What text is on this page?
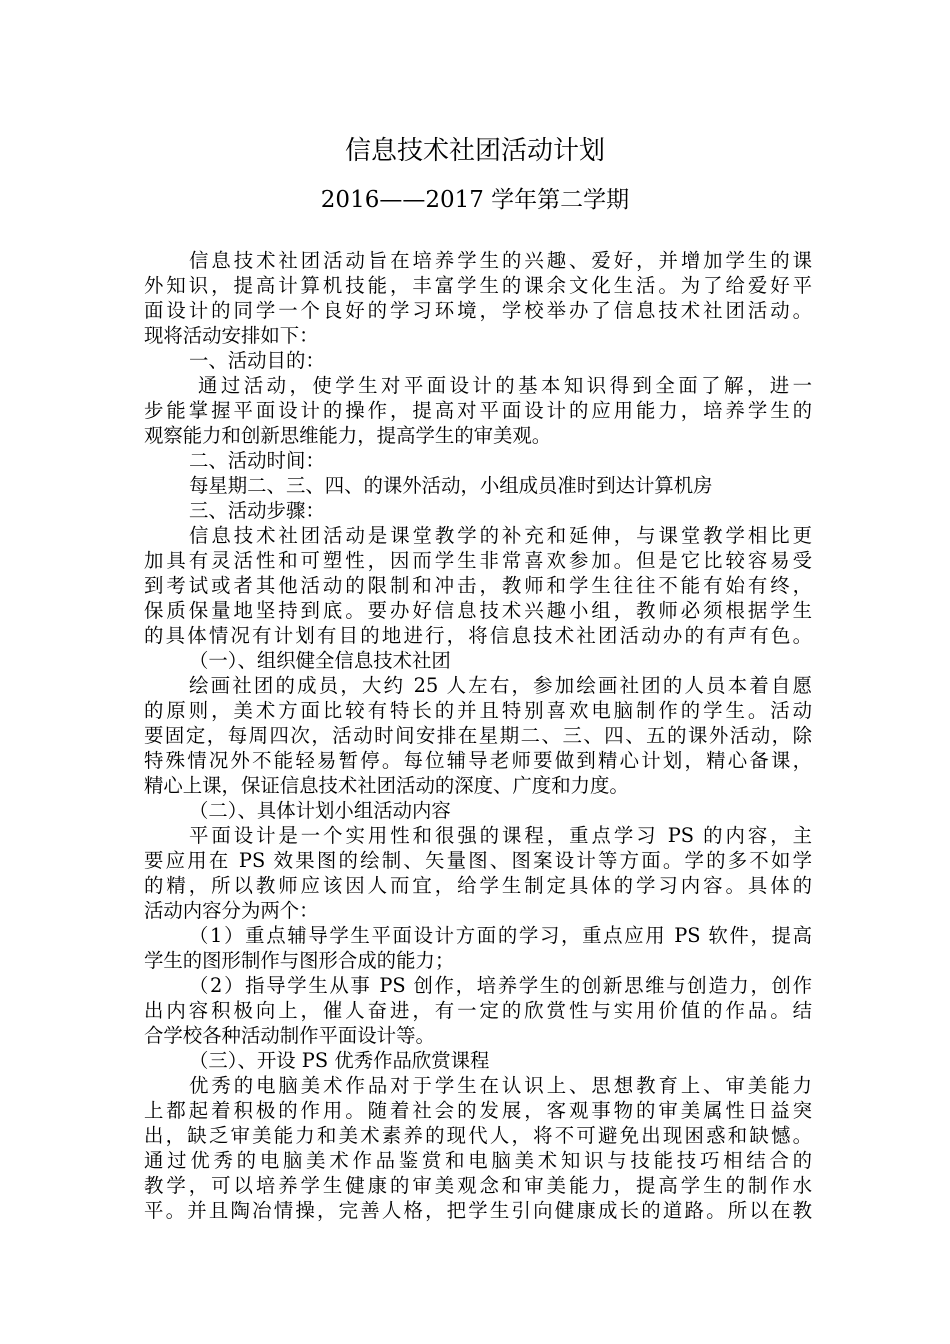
信息技术社团活动计划
2016——2017 学年第二学期
信息技术社团活动旨在培养学生的兴趣、爱好，并增加学生的课
外知识，提高计算机技能，丰富学生的课余文化生活。为了给爱好平
面设计的同学一个良好的学习环境，学校举办了信息技术社团活动。
现将活动安排如下：
一、活动目的：
通过活动，使学生对平面设计的基本知识得到全面了解，进一
步能掌握平面设计的操作，提高对平面设计的应用能力，培养学生的
观察能力和创新思维能力，提高学生的审美观。
二、活动时间：
每星期二、三、四、的课外活动，小组成员准时到达计算机房
三、活动步骤：
信息技术社团活动是课堂教学的补充和延伸，与课堂教学相比更
加具有灵活性和可塑性，因而学生非常喜欢参加。但是它比较容易受
到考试或者其他活动的限制和冲击，教师和学生往往不能有始有终，
保质保量地坚持到底。要办好信息技术兴趣小组，教师必须根据学生
的具体情况有计划有目的地进行，将信息技术社团活动办的有声有色。
（一）、组织健全信息技术社团
绘画社团的成员，大约 25 人左右，参加绘画社团的人员本着自愿
的原则，美术方面比较有特长的并且特别喜欢电脑制作的学生。活动
要固定，每周四次，活动时间安排在星期二、三、四、五的课外活动，除
特殊情况外不能轻易暂停。每位辅导老师要做到精心计划，精心备课，
精心上课，保证信息技术社团活动的深度、广度和力度。
（二）、具体计划小组活动内容
平面设计是一个实用性和很强的课程，重点学习 PS 的内容，主
要应用在 PS 效果图的绘制、矢量图、图案设计等方面。学的多不如学
的精，所以教师应该因人而宜，给学生制定具体的学习内容。具体的
活动内容分为两个：
（1）重点辅导学生平面设计方面的学习，重点应用 PS 软件，提高
学生的图形制作与图形合成的能力；
（2）指导学生从事 PS 创作，培养学生的创新思维与创造力，创作
出内容积极向上，催人奋进，有一定的欣赏性与实用价值的作品。结
合学校各种活动制作平面设计等。
（三）、开设 PS 优秀作品欣赏课程
优秀的电脑美术作品对于学生在认识上、思想教育上、审美能力
上都起着积极的作用。随着社会的发展，客观事物的审美属性日益突
出，缺乏审美能力和美术素养的现代人，将不可避免出现困惑和缺憾。
通过优秀的电脑美术作品鉴赏和电脑美术知识与技能技巧相结合的
教学，可以培养学生健康的审美观念和审美能力，提高学生的制作水
平。并且陶冶情操，完善人格，把学生引向健康成长的道路。所以在教
